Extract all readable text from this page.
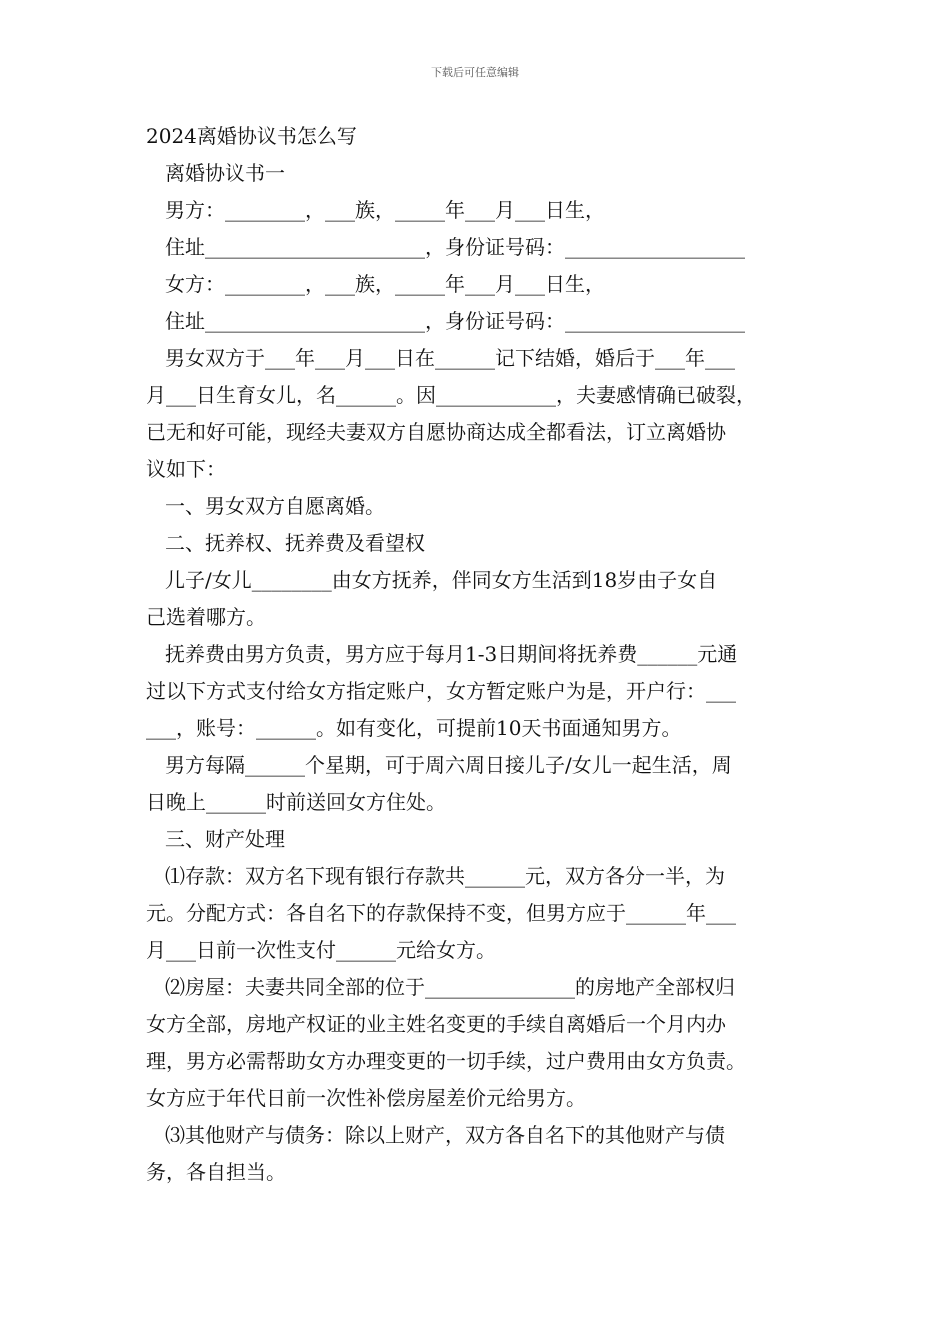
下载后可任意编辑
2024离婚协议书怎么写
离婚协议书一
男方：________，___族，_____年___月___日生，
住址______________________，身份证号码：__________________
女方：________，___族，_____年___月___日生，
住址______________________，身份证号码：__________________
男女双方于___年___月___日在______记下结婚，婚后于___年___
月___日生育女儿，名______。因____________，夫妻感情确已破裂，
已无和好可能，现经夫妻双方自愿协商达成全都看法，订立离婚协
议如下：
一、男女双方自愿离婚。
二、抚养权、抚养费及看望权
儿子/女儿________由女方抚养，伴同女方生活到18岁由子女自
己选着哪方。
抚养费由男方负责，男方应于每月1-3日期间将抚养费______元通
过以下方式支付给女方指定账户，女方暂定账户为是，开户行：___
___，账号：______。如有变化，可提前10天书面通知男方。
男方每隔______个星期，可于周六周日接儿子/女儿一起生活，周
日晚上______时前送回女方住处。
三、财产处理
⑴存款：双方名下现有银行存款共______元，双方各分一半，为
元。分配方式：各自名下的存款保持不变，但男方应于______年___
月___日前一次性支付______元给女方。
⑵房屋：夫妻共同全部的位于_______________的房地产全部权归
女方全部，房地产权证的业主姓名变更的手续自离婚后一个月内办
理，男方必需帮助女方办理变更的一切手续，过户费用由女方负责。
女方应于年代日前一次性补偿房屋差价元给男方。
⑶其他财产与债务：除以上财产，双方各自名下的其他财产与债
务，各自担当。
